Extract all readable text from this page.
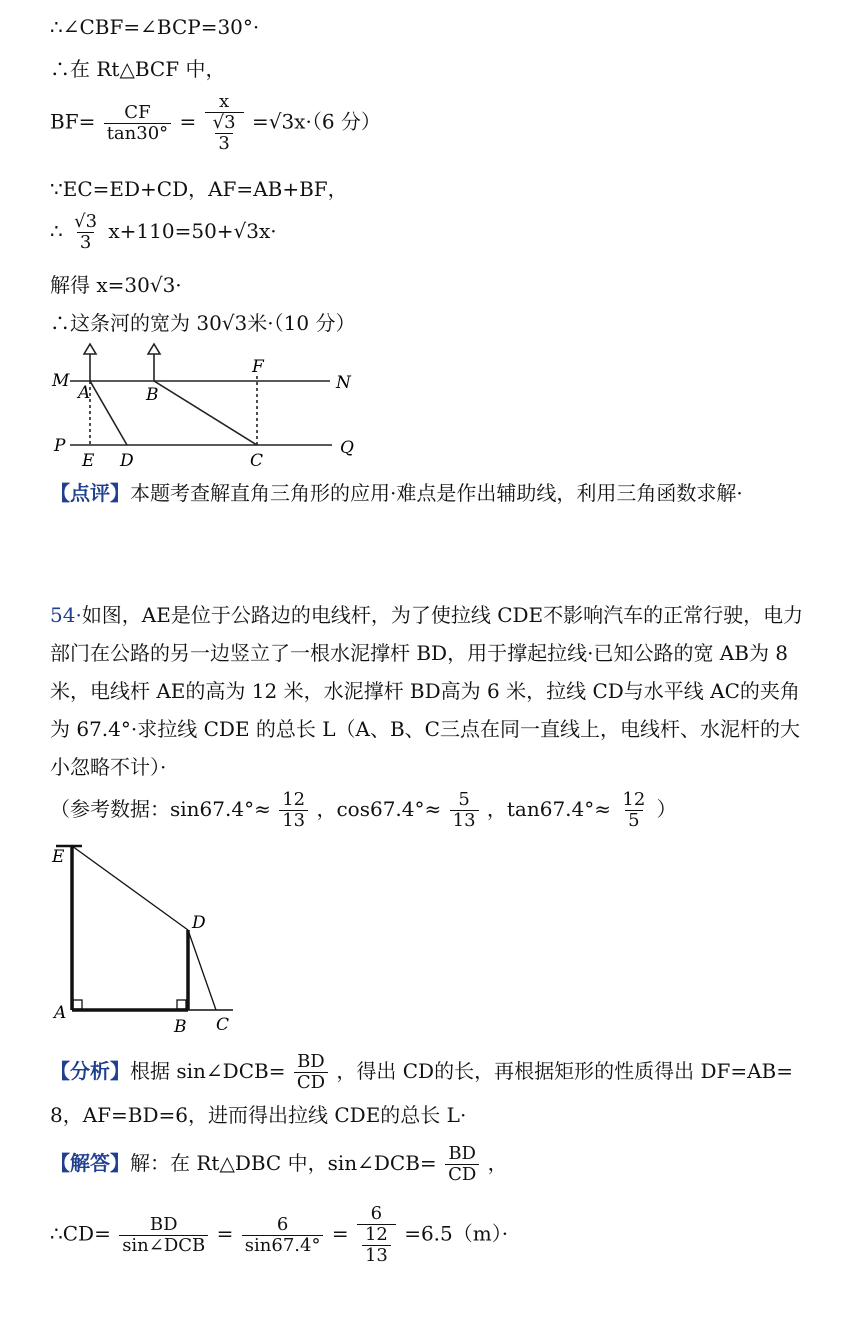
∴∠CBF=∠BCP=30°·
∴在 Rt△BCF 中，
$BF= \frac{CF}{\tan 30^\circ} = \frac{x}{\frac{√3}{3}} =√3x\cdot(6$ 分）
∵EC=ED+CD，AF=AB+BF，
∴ $\frac{√3}{3} x+110=50+√3x\cdot$
解得 x=30√3·
∴这条河的宽为 30√3米·（10 分）
M
A	B
F
N
P
E D	C
Q
【点评】本题考查解直角三角形的应用·难点是作出辅助线，利用三角函数求解·
54·如图，AE是位于公路边的电线杆，为了使拉线 CDE不影响汽车的正常行驶，电力部门在公路的另一边竖立了一根水泥撑杆 BD，用于撑起拉线·已知公路的宽 AB为 8 米，电线杆 AE的高为 12 米，水泥撑杆 BD高为 6 米，拉线 CD与水平线 AC的夹角为 67.4°·求拉线 CDE 的总长 L（A、B、C三点在同一直线上，电线杆、水泥杆的大小忽略不计）·
（参考数据：$\sin 67.4^\circ\approx \frac{12}{13}$ ，$\cos 67.4^\circ\approx \frac{5}{13}$ ，$\tan 67.4^\circ\approx \frac{12}{5}$ ）
E
D
A
B C
【分析】根据 sin∠DCB= $\frac{BD}{CD}$ ，得出 CD的长，再根据矩形的性质得出 DF=AB=
8，AF=BD=6，进而得出拉线 CDE的总长 L·
【解答】解：在 Rt△DBC 中，sin∠DCB= $\frac{BD}{CD}$ ，
∴CD= $\frac{BD}{\text{sin∠DCB}} = \frac{6}{\sin 67.4^\circ} = \frac{6}{\frac{12}{13}} =6.5(m)\cdot$
